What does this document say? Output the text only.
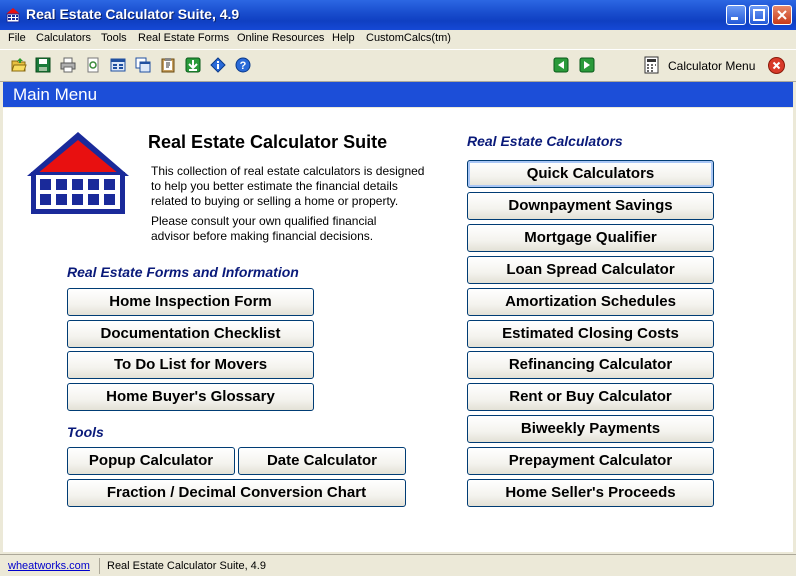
Real Estate Calculator Suite, 4.9
File Calculators Tools Real Estate Forms Online Resources Help CustomCalcs(tm)
?	Calculator Menu
Main Menu
Real Estate Calculator Suite
This collection of real estate calculators is designed
to help you better estimate the financial details
related to buying or selling a home or property.
Please consult your own qualified financial
advisor before making financial decisions.
Real Estate Forms and Information
Home Inspection Form
Documentation Checklist
To Do List for Movers
Home Buyer's Glossary
Tools
Popup Calculator	Date Calculator
Fraction / Decimal Conversion Chart
Real Estate Calculators
Quick Calculators
Downpayment Savings
Mortgage Qualifier
Loan Spread Calculator
Amortization Schedules
Estimated Closing Costs
Refinancing Calculator
Rent or Buy Calculator
Biweekly Payments
Prepayment Calculator
Home Seller's Proceeds
wheatworks.com Real Estate Calculator Suite, 4.9
